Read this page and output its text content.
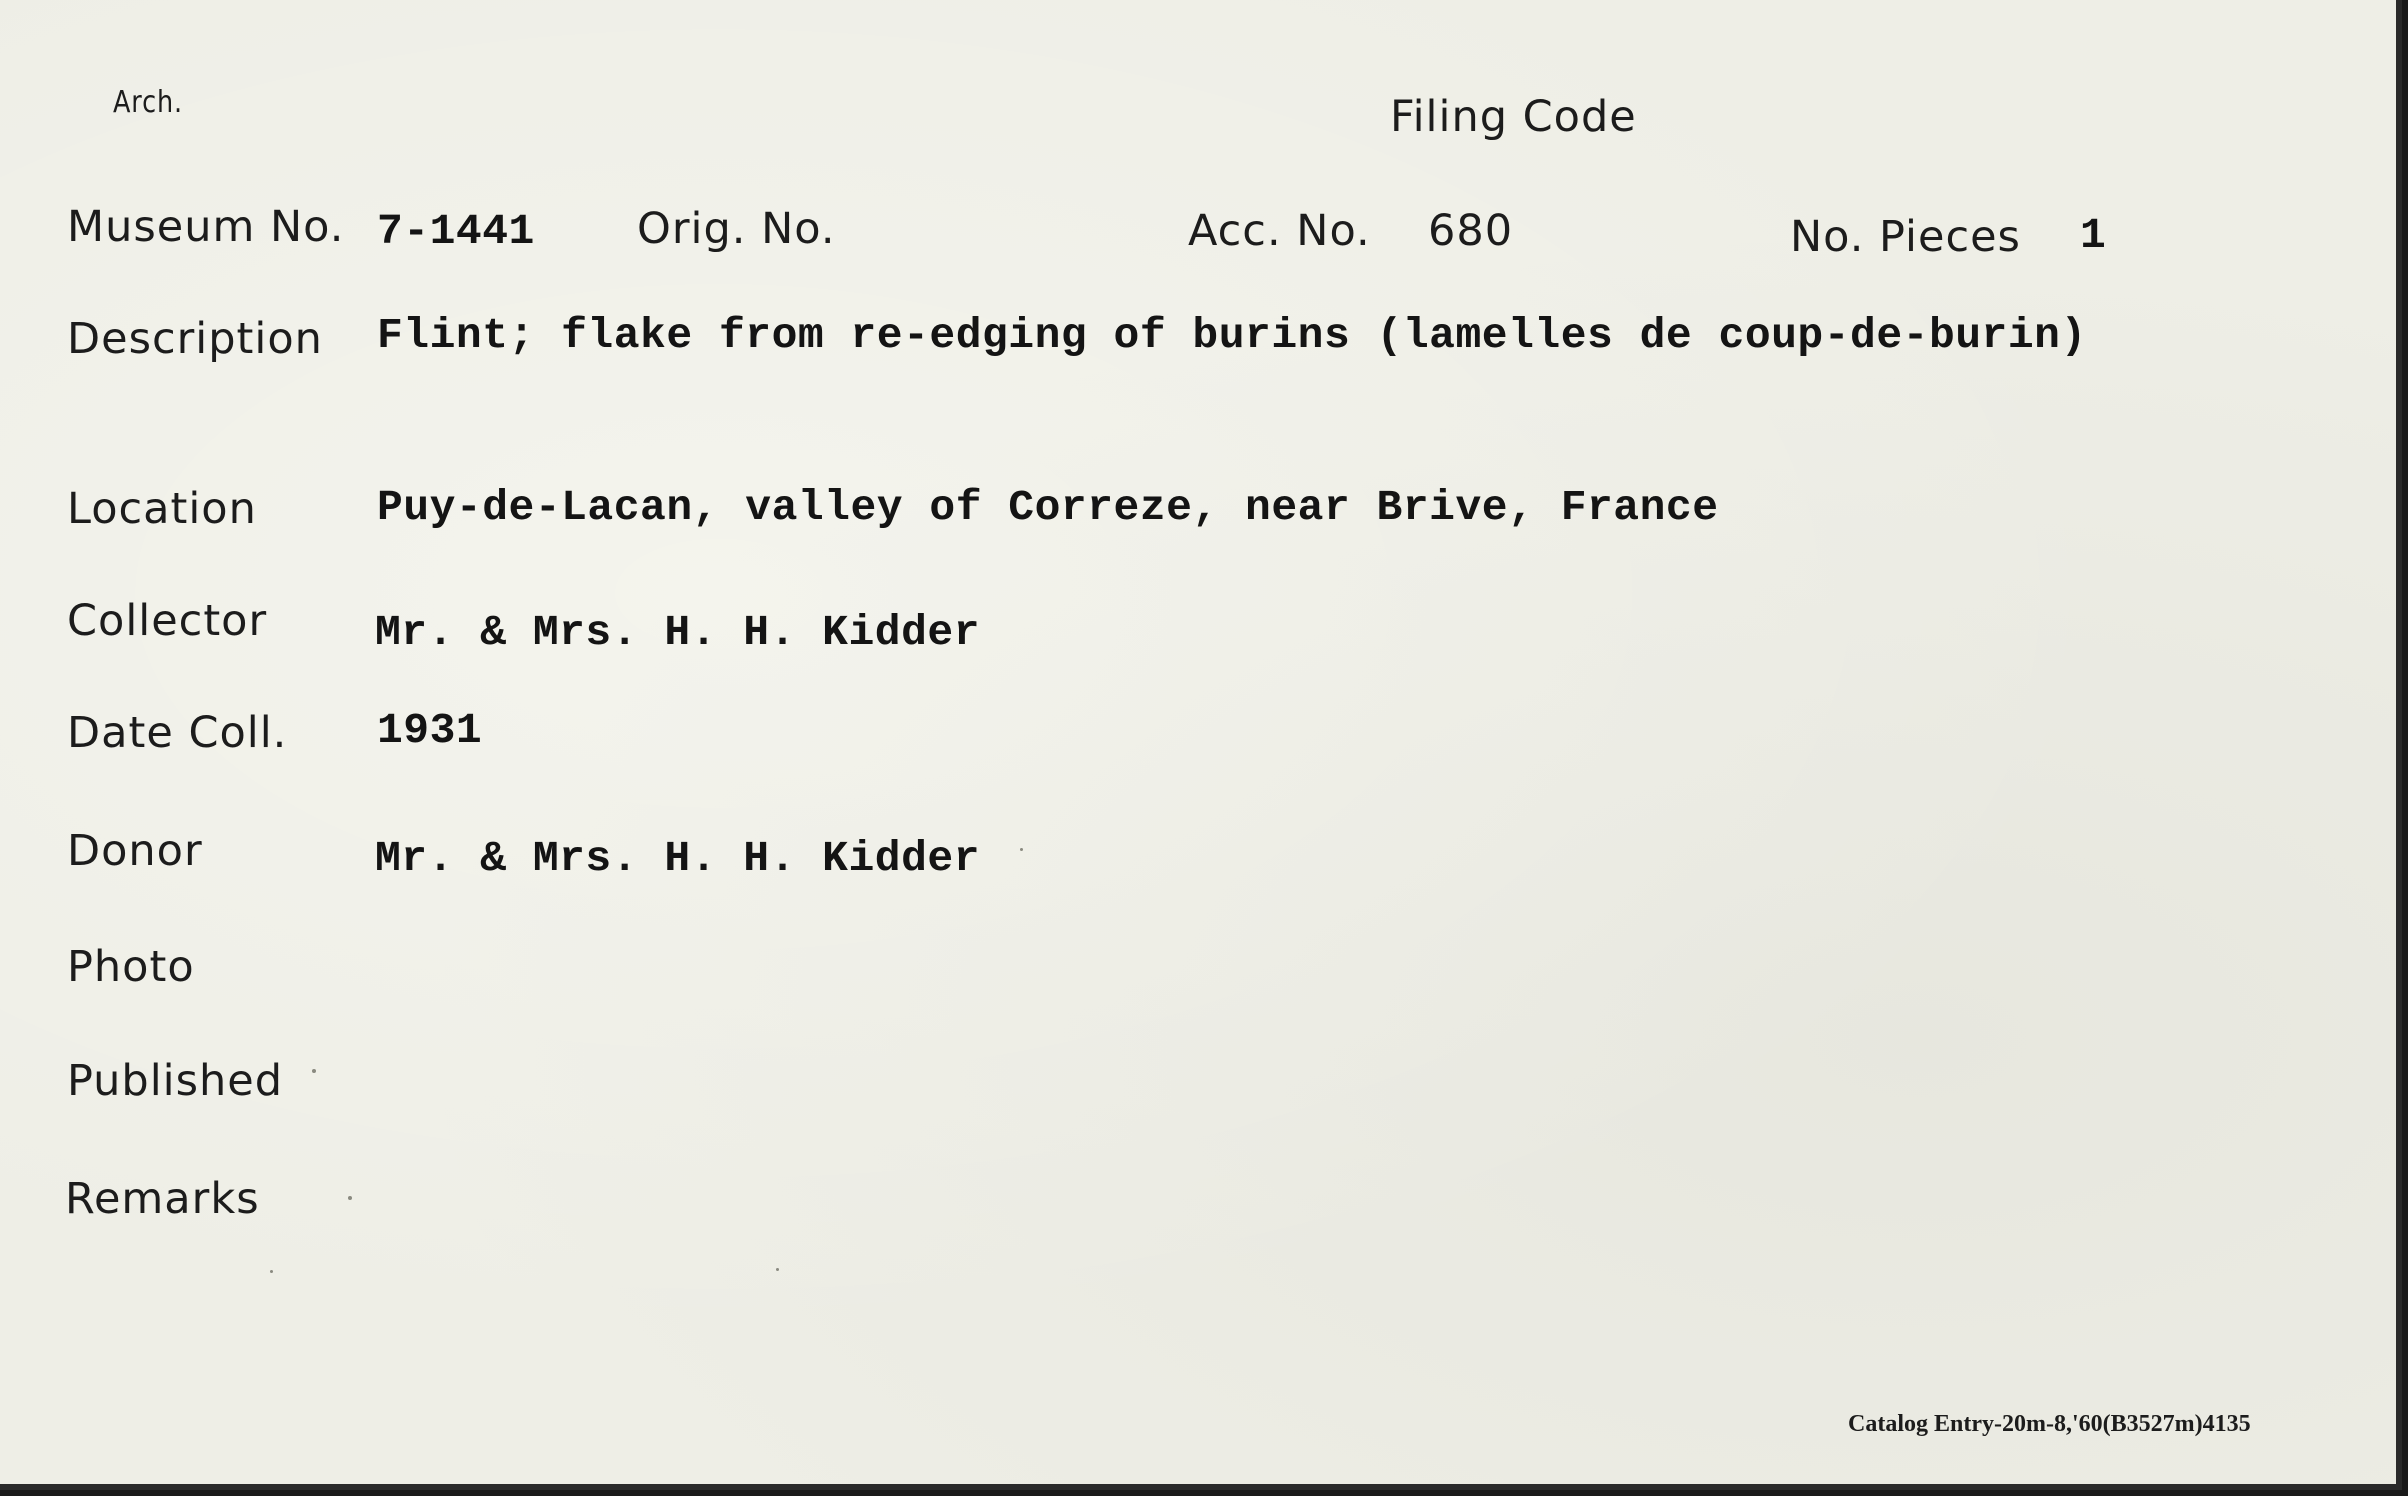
Arch.	Filing Code
Museum No. 7-1441 Orig. No.	Acc. No. 680	No. Pieces 1
Description Flint; flake from re-edging of burins (lamelles de coup-de-burin)
Location	Puy-de-Lacan, valley of Correze, near Brive, France
Collector	Mr. & Mrs. H. H. Kidder
Date Coll. 1931
Donor	Mr. & Mrs. H. H. Kidder
Photo
Published
Remarks
Catalog Entry-20m-8,'60(B3527m)4135
